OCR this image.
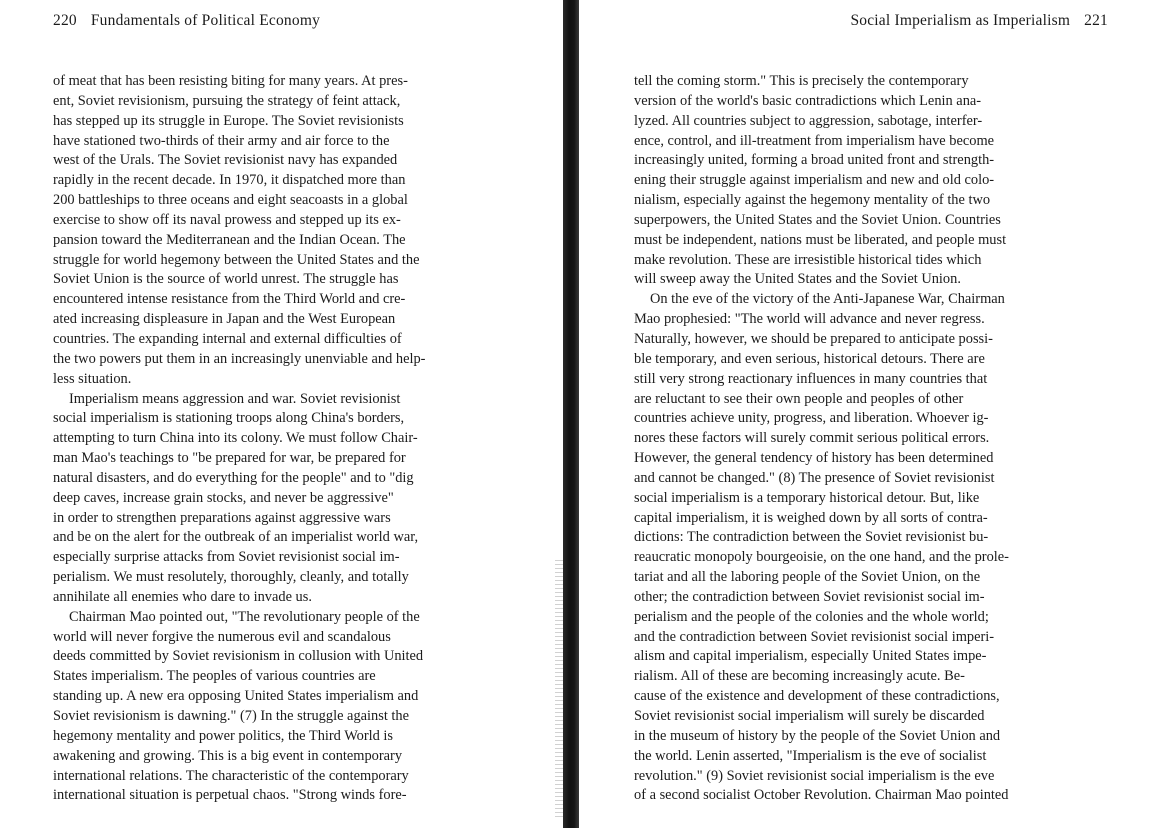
220 Fundamentals of Political Economy
of meat that has been resisting biting for many years. At pres-
ent, Soviet revisionism, pursuing the strategy of feint attack,
has stepped up its struggle in Europe. The Soviet revisionists
have stationed two-thirds of their army and air force to the
west of the Urals. The Soviet revisionist navy has expanded
rapidly in the recent decade. In 1970, it dispatched more than
200 battleships to three oceans and eight seacoasts in a global
exercise to show off its naval prowess and stepped up its ex-
pansion toward the Mediterranean and the Indian Ocean. The
struggle for world hegemony between the United States and the
Soviet Union is the source of world unrest. The struggle has
encountered intense resistance from the Third World and cre-
ated increasing displeasure in Japan and the West European
countries. The expanding internal and external difficulties of
the two powers put them in an increasingly unenviable and help-
less situation.
Imperialism means aggression and war. Soviet revisionist
social imperialism is stationing troops along China's borders,
attempting to turn China into its colony. We must follow Chair-
man Mao's teachings to "be prepared for war, be prepared for
natural disasters, and do everything for the people" and to "dig
deep caves, increase grain stocks, and never be aggressive"
in order to strengthen preparations against aggressive wars
and be on the alert for the outbreak of an imperialist world war,
especially surprise attacks from Soviet revisionist social im-
perialism. We must resolutely, thoroughly, cleanly, and totally
annihilate all enemies who dare to invade us.
Chairman Mao pointed out, "The revolutionary people of the
world will never forgive the numerous evil and scandalous
deeds committed by Soviet revisionism in collusion with United
States imperialism. The peoples of various countries are
standing up. A new era opposing United States imperialism and
Soviet revisionism is dawning." (7) In the struggle against the
hegemony mentality and power politics, the Third World is
awakening and growing. This is a big event in contemporary
international relations. The characteristic of the contemporary
international situation is perpetual chaos. "Strong winds fore-
Social Imperialism as Imperialism 221
tell the coming storm." This is precisely the contemporary
version of the world's basic contradictions which Lenin ana-
lyzed. All countries subject to aggression, sabotage, interfer-
ence, control, and ill-treatment from imperialism have become
increasingly united, forming a broad united front and strength-
ening their struggle against imperialism and new and old colo-
nialism, especially against the hegemony mentality of the two
superpowers, the United States and the Soviet Union. Countries
must be independent, nations must be liberated, and people must
make revolution. These are irresistible historical tides which
will sweep away the United States and the Soviet Union.
On the eve of the victory of the Anti-Japanese War, Chairman
Mao prophesied: "The world will advance and never regress.
Naturally, however, we should be prepared to anticipate possi-
ble temporary, and even serious, historical detours. There are
still very strong reactionary influences in many countries that
are reluctant to see their own people and peoples of other
countries achieve unity, progress, and liberation. Whoever ig-
nores these factors will surely commit serious political errors.
However, the general tendency of history has been determined
and cannot be changed." (8) The presence of Soviet revisionist
social imperialism is a temporary historical detour. But, like
capital imperialism, it is weighed down by all sorts of contra-
dictions: The contradiction between the Soviet revisionist bu-
reaucratic monopoly bourgeoisie, on the one hand, and the prole-
tariat and all the laboring people of the Soviet Union, on the
other; the contradiction between Soviet revisionist social im-
perialism and the people of the colonies and the whole world;
and the contradiction between Soviet revisionist social imperi-
alism and capital imperialism, especially United States impe-
rialism. All of these are becoming increasingly acute. Be-
cause of the existence and development of these contradictions,
Soviet revisionist social imperialism will surely be discarded
in the museum of history by the people of the Soviet Union and
the world. Lenin asserted, "Imperialism is the eve of socialist
revolution." (9) Soviet revisionist social imperialism is the eve
of a second socialist October Revolution. Chairman Mao pointed
